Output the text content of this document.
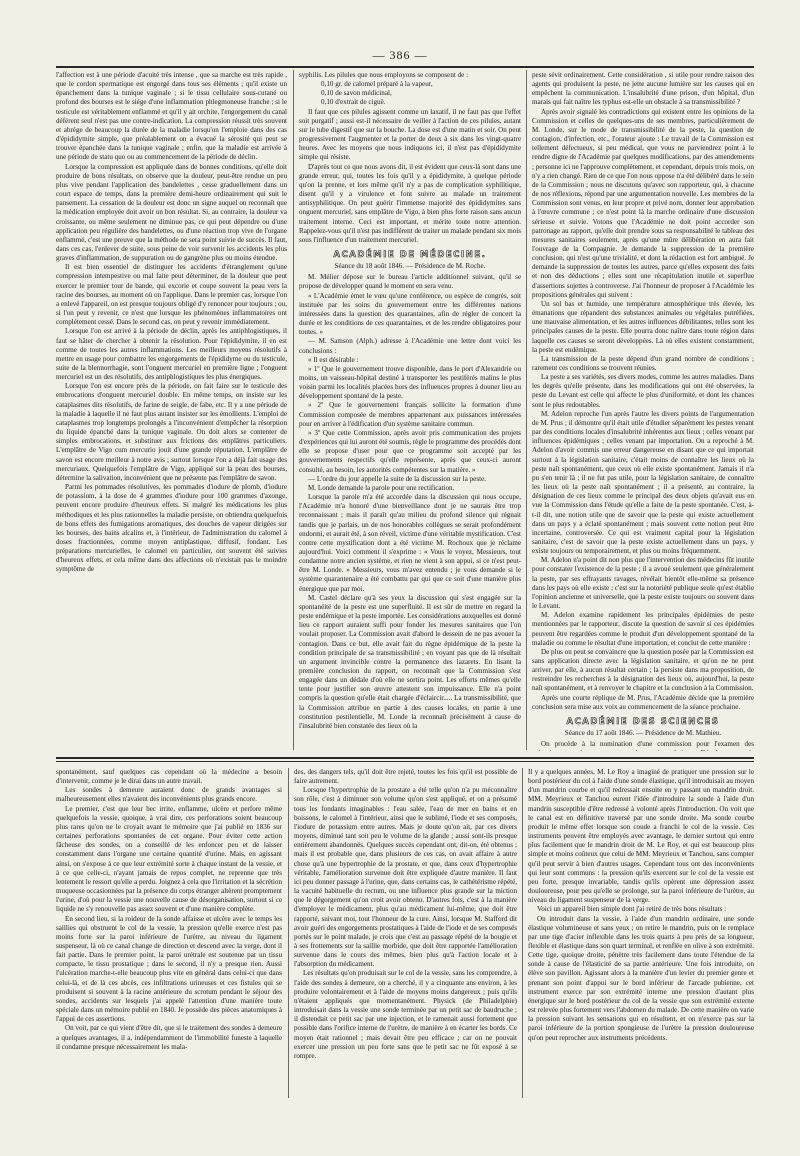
— 386 —

l'affection est à une période d'acuité très intense , que sa marche est très rapide , que le cordon spermatique est engorgé dans tous ses éléments ; qu'il existe un épanchement dans la tunique vaginale ; si le tissu cellulaire sous-cutané ou profond des bourses est le siége d'une inflammation phlegmoneuse franche ; si le testicule est véritablement enflammé et qu'il y ait orchite, l'engorgement du canal déférent seul n'est pas une contre-indication. La compression réussit très souvent et abrége de beaucoup la durée de la maladie lorsqu'on l'emploie dans des cas d'épididymite simple, que préalablement on a évacué la sérosité qui peut se trouver épanchée dans la tunique vaginale ; enfin, que la maladie est arrivée à une période de statu quo ou au commencement de la période de déclin.

Lorsque la compression est appliquée dans de bonnes conditions, qu'elle doit produire de bons résultats, on observe que la douleur, peut-être rendue un peu plus vive pendant l'application des bandelettes , cesse graduellement dans un court espace de temps, dans la première demi-heure ordinairement qui suit le pansement. La cessation de la douleur est donc un signe auquel on reconnaît que la médication employée doit avoir un bon résultat. Si, au contraire, la douleur va croissante, ou même seulement ne diminue pas, ce qui peut dépendre ou d'une application peu régulière des bandelettes, ou d'une réaction trop vive de l'organe enflammé, c'est une preuve que la méthode ne sera point suivie de succès. Il faut, dans ces cas, l'enlever de suite, sous peine de voir survenir les accidents les plus graves d'inflammation, de suppuration ou de gangrène plus ou moins étendue.

Il est bien essentiel de distinguer les accidents d'étranglement qu'une compression intempestive ou mal faite peut déterminer, de la douleur que peut exercer le premier tour de bande, qui excorie et coupe souvent la peau vers la racine des bourses, au moment où on l'applique. Dans le premier cas, lorsque l'on a enlevé l'appareil, on est presque toujours obligé d'y renoncer pour toujours ; ou, si l'on peut y revenir, ce n'est que lorsque les phénomènes inflammatoires ont complétement cessé. Dans le second cas, on peut y revenir immédiatement.

Lorsque l'on est arrivé à la période de déclin, après les antiphlogistiques, il faut se hâter de chercher à obtenir la résolution. Pour l'épididymite, il en est comme de toutes les autres inflammations. Les meilleurs moyens résolutifs à mettre en usage pour combattre les engorgements de l'épididyme ou du testicule, suite de la blennorrhagie, sont l'onguent mercuriel en première ligne ; l'onguent mercuriel est un des résolutifs, des antiphlogistiques les plus énergiques.

Lorsque l'on est encore près de la période, on fait faire sur le testicule des embrocations d'onguent mercuriel double. En même temps, on insiste sur les cataplasmes dits résolutifs, de farine de seigle, de fabe, etc. Il y a une période de la maladie à laquelle il ne faut plus autant insister sur les émollients. L'emploi de cataplasmes trop longtemps prolongés a l'inconvénient d'empêcher la résorption du liquide épanché dans la tunique vaginale. On doit alors se contenter de simples embrocations, et substituer aux frictions des emplâtres particuliers. L'emplâtre de Vigo cum mercurio jouit d'une grande réputation. L'emplâtre de savon est encore meilleur à notre avis ; surtout lorsque l'on a déjà fait usage des mercuriaux. Quelquefois l'emplâtre de Vigo, appliqué sur la peau des bourses, détermine la salivation, inconvénient que ne présente pas l'emplâtre de savon.

Parmi les pommades résolutives, les pommades d'iodure de plomb, d'iodure de potassium, à la dose de 4 grammes d'iodure pour 100 grammes d'axonge, peuvent encore produire d'heureux effets. Si malgré les médications les plus méthodiques et les plus rationnelles la maladie persiste, on obtiendra quelquefois de bons effets des fumigations aromatiques, des douches de vapeur dirigées sur les bourses, des bains alcalins et, à l'intérieur, de l'administration du calomel à doses fractionnées, comme moyen antiplastique, diffusif, fondant. Les préparations mercurielles, le calomel en particulier, ont souvent été suivies d'heureux effets, et cela même dans des affections où n'existait pas le moindre symptôme de

syphilis. Les pilules que nous employons se composent de :

0,10 gr. de calomel préparé à la vapeur,

0,10 de savon médicinal,

0,10 d'extrait de ciguë.

Il faut que ces pilules agissent comme un laxatif, il ne faut pas que l'effet soit purgatif ; aussi est-il nécessaire de veiller à l'action de ces pilules, autant sur le tube digestif que sur la bouche. La dose est d'une matin et soir. On peut progressivement l'augmenter et la porter de deux à six dans les vingt-quatre heures. Avec les moyens que nous indiquons ici, il n'est pas d'épididymite simple qui résiste.

D'après tout ce que nous avons dit, il est évident que ceux-là sont dans une grande erreur, qui, toutes les fois qu'il y a épididymite, à quelque période qu'on la prenne, et lors même qu'il n'y a pas de complication syphilitique, disent qu'il y a virulence et font suivre au malade un traitement antisyphilitique. On peut guérir l'immense majorité des épididymites sans onguent mercuriel, sans emplâtre de Vigo, à bien plus forte raison sans aucun traitement interne. Ceci est important, et mérite toute notre attention. Rappelez-vous qu'il n'est pas indifférent de traiter un malade pendant six mois sous l'influence d'un traitement mercuriel.

ACADÉMIE DE MÉDECINE.

Séance du 18 août 1846. — Présidence de M. Roche.

M. Mélier dépose sur le bureau l'article additionnel suivant, qu'il se propose de développer quand le moment en sera venu.

« L'Académie émet le vœu qu'une conférence, ou espèce de congrès, soit instituée par les soins du gouvernement entre les différentes nations intéressées dans la question des quarantaines, afin de régler de concert la durée et les conditions de ces quarantaines, et de les rendre obligatoires pour toutes. »

— M. Samson (Alph.) adresse à l'Académie une lettre dont voici les conclusions :

« Il est désirable :

» 1º Que le gouvernement trouve disponible, dans le port d'Alexandrie ou moins, un vaisseau-hôpital destiné à transporter les pestiférés malins le plus voisin parmi les localités placées hors des influences propres à douner lieu au développement spontané de la peste.

» 2º Que le gouvernement français sollicite la formation d'une Commission composée de membres appartenant aux puissances intéressées pour en arriver à l'édification d'un système sanitaire commun.

» 3º Que cette Commission, après avoir pris communication des projets d'expériences qui lui auront été soumis, règle le programme des procédés dont elle se propose d'user pour que ce programme soit accepté par les gouvernements respectifs qu'elle représente, après que ceux-ci auront consulté, au besoin, les autorités compétentes sur la matière. »

— L'ordre du jour appelle la suite de la discussion sur la peste.

M. Londe demande la parole pour une rectification.

Lorsque la parole m'a été accordée dans la discussion qui nous occupe, l'Académie m'a honoré d'une bienveillance dont je ne saurais être trop reconnaissant ; mais il paraît qu'au milieu du profond silence qui régnait tandis que je parlais, un de nos honorables collègues se serait profondément endormi, et aurait été, à son réveil, victime d'une véritable mystification. C'est contre cette mystification dont a été victime M. Rochoux que je réclame aujourd'hui. Voici comment il s'exprime : « Vous le voyez, Messieurs, tout condamne notre ancien système, et rien ne vient à son appui, si ce n'est peut-être M. Londe. » Messieurs, vous m'avez entendu ; je vous demande si le système quarantenaire a été combattu par qui que ce soit d'une manière plus énergique que par moi.

M. Castel déclare qu'à ses yeux la discussion qui s'est engagée sur la spontanéité de la peste est une superfluité. Il est sûr de mettre en regard la peste endémique et la peste importée. Les considérations auxquelles est donné lieu ce rapport auraient suffi pour fonder les mesures sanitaires que l'on voulait proposer. La Commission avait d'abord le dessein de ne pas avouer la contagion. Dans ce but, elle avait fait du règne épidémique de la peste la condition principale de sa transmissibilité ; en voyant pas que de là résultait un argument invincible contre la permanence des lazarets. En lisant la première conclusion du rapport, on reconnaît que la Commission s'est engagée dans un dédale d'où elle ne sortira point. Les efforts mêmes qu'elle tente pour justifier son œuvre attestent son impuissance. Elle n'a point compris la question qu'elle était chargée d'éclaircir..... La transmissibilité, que la Commission attribue en partie à des causes locales, en partie à une constitution pestilentielle, M. Londe la reconnaît précisément à cause de l'insalubrité bien constatée des lieux où la

peste sévit ordinairement. Cette considération , si utile pour rendre raison des agents qui produisent la peste, ne jette aucune lumière sur les causes qui en empêchent la communication. L'insalubrité d'une prison, d'un hôpital, d'un marais qui fait naître les typhus est-elle un obstacle à sa transmissibilité ?

Après avoir signalé les contradictions qui existent entre les opinions de la Commission et celles de quelques-uns de ses membres, particulièrement de M. Londe, sur le mode de transmissibilité de la peste, la question de contagion, d'infection, etc., l'orateur ajoute : Le travail de la Commission est tellement défectueux, si peu médical, que vous ne parviendrez point à le rendre digne de l'Académie par quelques modifications, par des amendements ; personne ici ne l'approuve complètement, et cependant, depuis trois mois, on n'y a rien changé. Rien de ce que l'on nous oppose n'a été délibéré dans le sein de la Commission ; nous ne discutons qu'avec son rapporteur, qui, à chacune de nos réflexions, répond par une argumentation nouvelle. Les membres de la Commission sont venus, en leur propre et privé nom, donner leur approbation à l'œuvre commune ; ce n'est point là la marche ordinaire d'une discussion sérieuse et suivie. Votons que l'Académie ne doit point accorder son patronage au rapport, qu'elle doit prendre sous sa responsabilité le tableau des mesures sanitaires seulement, après qu'une mûre délibération en aura fait l'ouvrage de la Compagnie. Je demande la suppression de la première conclusion, qui n'est qu'une trivialité, et dont la rédaction est fort ambiguë. Je demande la suppression de toutes les autres, parce qu'elles exposent des faits et non des déductions ; elles sont une récapitulation inutile et superflue d'assertions sujettes à controverse. J'ai l'honneur de proposer à l'Académie les propositions générales qui suivent :

Un sol bas et humide, une température atmosphérique très élevée, les émanations que répandent des substances animales ou végétales putréfiées, une mauvaise alimentation, et les autres influences débilitantes, telles sont les principales causes de la peste. Elle pourra donc naître dans toute région dans laquelle ces causes se seront développées. Là où elles existent constamment, la peste est endémique.

La transmission de la peste dépend d'un grand nombre de conditions ; rarement ces conditions se trouvent réunies.

La peste a ses variétés, ses divers modes, comme les autres maladies. Dans les degrés qu'elle présente, dans les modifications qui ont été observées, la peste du Levant est celle qui affecte le plus d'uniformité, et dont les chances sont le plus redoutables.

M. Adelon reproche l'un après l'autre les divers points de l'argumentation de M. Prus ; il démontre qu'il était utile d'étudier séparément les pestes venant par des conditions locales d'insalubrité inhérentes aux lieux ; celles venant par influences épidémiques ; celles venant par importation. On a reproché à M. Adelon d'avoir commis une erreur dangereuse en disant que ce qui importait surtout à la législation sanitaire, c'était moins de connaître les lieux où la peste naît spontanément, que ceux où elle existe spontanément. Jamais il n'a pu s'en tenir là ; il ne fut pas utile, pour la législation sanitaire, de connaître les lieux où la peste naît spontanément ; il a présenté, au contraire, la désignation de ces lieux comme le principal des deux objets qu'avait eus en vue la Commission dans l'étude qu'elle a faite de la peste spontanée. C'est, à-t-il dit, une notion utile que de savoir que la peste qui existe actuellement dans un pays y a éclaté spontanément ; mais souvent cette notion peut être incertaine, controversée. Ce qui est vraiment capital pour la législation sanitaire, c'est de savoir que la peste existe actuellement dans un pays, y existe toujours ou temporairement, et plus ou moins fréquemment.

M. Adelon n'a point dit non plus que l'intervention des médecins fût inutile pour constater l'existence de la peste ; il a avoué seulement que généralement la peste, par ses effrayants ravages, révélait bientôt elle-même sa présence dans les pays où elle existe ; c'est sur la notoriété publique seule qu'est établie l'opinion ancienne et universelle, que la peste existe toujours ou souvent dans le Levant.

M. Adelon examine rapidement les principales épidémies de peste mentionnées par le rapporteur, discute la question de savoir si ces épidémies peuvent être regardées comme le produit d'un développement spontané de la maladie ou comme le résultat d'une importation, et conclut de cette manière :

De plus on peut se convaincre que la question posée par la Commission est sans application directe avec la législation sanitaire, et qu'on ne ne peut arriver, par elle, à aucun résultat certain ; la persiste dans ma proposition, de restreindre les recherches à la désignation des lieux où, aujourd'hui, la peste naît spontanément, et à renvoyer le chapitre et la conclusion à la Commission.

Après une courte réplique de M. Prus, l'Académie décide que la première conclusion sera mise aux voix au commencement de la séance prochaine.

ACADÉMIE DES SCIENCES

Séance du 17 août 1846. — Présidence de M. Mathieu.

On procède à la nomination d'une commission pour l'examen des

spontanément, sauf quelques cas cependant où la médecine a besoin d'intervenir, comme je le dirai dans un autre travail.

Les sondes à demeure auraient donc de grands avantages si malheureusement elles n'avaient des inconvénients plus grands encore.

Le premier, c'est que leur bec irrite, enflamme, ulcère et perfore même quelquefois la vessie, quoique, à vrai dire, ces perforations soient beaucoup plus rares qu'on ne le croyait avant le mémoire que j'ai publié en 1836 sur certaines perforations spontanées de cet organe. Pour éviter cette action fâcheuse des sondes, on a conseillé de les enfoncer peu et de laisser constamment dans l'organe une certaine quantité d'urine. Mais, en agissant ainsi, on s'expose à ce que leur extrémité sorte à chaque instant de la vessie, et à ce que celle-ci, n'ayant jamais de repos complet, ne reprenne que très lentement le ressort qu'elle a perdu. Joignez à cela que l'irritation et la sécrétion muqueuse occasionnées par la présence du corps étranger altèrent promptement l'urine, d'où pour la vessie une nouvelle cause de désorganisation, surtout si ce liquide ne s'y renouvelle pas assez souvent et d'une manière complète.

En second lieu, si la roideur de la sonde affaisse et ulcère avec le temps les saillies qui obstruent le col de la vessie, la pression qu'elle exerce n'est pas moins forte sur la paroi inférieure de l'urètre, au niveau du ligament suspenseur, là où ce canal change de direction et descend avec la verge, dont il fait partie. Dans le premier point, la paroi urétrale est soutenue par un tissu compacte, le tissu prostatique ; dans le second, il n'y a presque rien. Aussi l'ulcération marche-t-elle beaucoup plus vite en général dans celui-ci que dans celui-là, et de là ces abcès, ces infiltrations urineuses et ces fistules qui se produisent si souvent à la racine antérieure du scrotum pendant le séjour des sondes, accidents sur lesquels j'ai appelé l'attention d'une manière toute spéciale dans un mémoire publié en 1840. Je possède des pièces anatomiques à l'appui de ces assertions.

On voit, par ce qui vient d'être dit, que si le traitement des sondes à demeure a quelques avantages, il a, indépendamment de l'immobilité funeste à laquelle il condamne presque nécessairement les mala-

des, des dangers tels, qu'il doit être rejeté, toutes les fois qu'il est possible de faire autrement.

Lorsque l'hypertrophie de la prostate a été telle qu'on n'a pu méconnaître son rôle, c'est à diminuer son volume qu'on s'est appliqué, et on a présumé tous les fondants imaginables : l'eau salée, l'eau de mer en bains et en boissons, le calomel à l'intérieur, ainsi que le sublimé, l'iode et ses composés, l'iodure de potassium entre autres. Mais je doute qu'on ait, par ces divers moyens, diminué tant soit peu le volume de la glande ; aussi sont-ils presque entièrement abandonnés. Quelques succès cependant ont, dit-on, été obtenus ; mais il est probable que, dans plusieurs de ces cas, on avait affaire à autre chose qu'à une hypertrophie de la prostate, et que, dans ceux d'hypertrophie véritable, l'amélioration survenue doit être expliquée d'autre manière. Il faut ici peu donner passage à l'urine, que, dans certains cas, le cathétérisme répété, la vacuité habituelle du rectum, ou une influence plus grande sur la miction que le dégorgement qu'on croit avoir obtenu. D'autres fois, c'est à la manière d'employer le médicament, plus qu'au médicament lui-même, que doit être rapporté, suivant moi, tout l'honneur de la cure. Ainsi, lorsque M. Stafford dit avoir guéri des engorgements prostatiques à l'aide de l'iode et de ses composés portés sur le point malade, je crois que c'est au passage répété de la bougie et à ses frottements sur la saillie morbide, que doit être rapportée l'amélioration survenue dans le cours des mêmes, bien plus qu'à l'action locale et à l'absorption du médicament.

Les résultats qu'on produisait sur le col de la vessie, sans les comprendre, à l'aide des sondes à demeure, on a cherché, il y a cinquante ans environ, à les produire volontairement et à l'aide de moyens moins dangereux ; puis qu'ils n'étaient appliqués que momentanément. Physick (de Philadelphie) introduisait dans la vessie une sonde terminée par un petit sac de baudruche ; il distendait ce petit sac par une injection, et le ramenait aussi fortement que possible dans l'orifice interne de l'urètre, de manière à en écarter les bords. Ce moyen était rationnel ; mais devait être peu efficace ; car on ne pouvait exercer une pression un peu forte sans que le petit sac ne fût exposé à se rompre.

Il y a quelques années, M. Le Roy a imaginé de pratiquer une pression sur le bord postérieur du col à l'aide d'une sonde élastique, qu'il introduisait au moyen d'un mandrin courbe et qu'il redressait ensuite en y passant un mandrin droit. MM. Meyrieux et Tanchou eurent l'idée d'introduire la sonde à l'aide d'un mandrin susceptible d'être redressé à volonté après l'introduction. On voit que le canal est en définitive traversé par une sonde droite. Ma sonde courbe produit le même effet lorsque son coude a franchi le col de la vessie. Ces instruments peuvent être employés avec avantage, le dernier surtout qui entre plus facilement que le mandrin droit de M. Le Roy, et qui est beaucoup plus simple et moins coûteux que celui de MM. Meyrieux et Tanchou, sans compter qu'il peut servir à bien d'autres usages. Cependant tous ont des inconvénients qui leur sont communs : la pression qu'ils exercent sur le col de la vessie est peu forte, presque invariable, tandis qu'ils opèrent une dépression assez douloureuse, pour peu qu'elle se prolonge, sur la paroi inférieure de l'urètre, au niveau du ligament suspenseur de la verge.

Voici un appareil bien simple dont j'ai retiré de très bons résultats :

On introduit dans la vessie, à l'aide d'un mandrin ordinaire, une sonde élastique volumineuse et sans yeux ; on retire le mandrin, puis on le remplace par une tige d'acier inflexible dans les trois quarts à peu près de sa longueur, flexible et élastique dans son quart terminal, et renflée en olive à son extrémité. Cette tige, quoique droite, pénètre très facilement dans toute l'étendue de la sonde à cause de l'élasticité de sa partie antérieure. Une fois introduite, on élève son pavillon. Agissant alors à la manière d'un levier du premier genre et prenant son point d'appui sur le bord inférieur de l'arcade pubienne, cet instrument exerce par son extrémité interne une pression d'autant plus énergique sur le bord postérieur du col de la vessie que son extrémité externe est relevée plus fortement vers l'abdomen du malade. De cette manière on varie la pression suivant les sensations qui en résultent, et on n'exerce pas sur la paroi inférieure de la portion spongieuse de l'urètre la pression douloureuse qu'on peut reprocher aux instruments précédents.
